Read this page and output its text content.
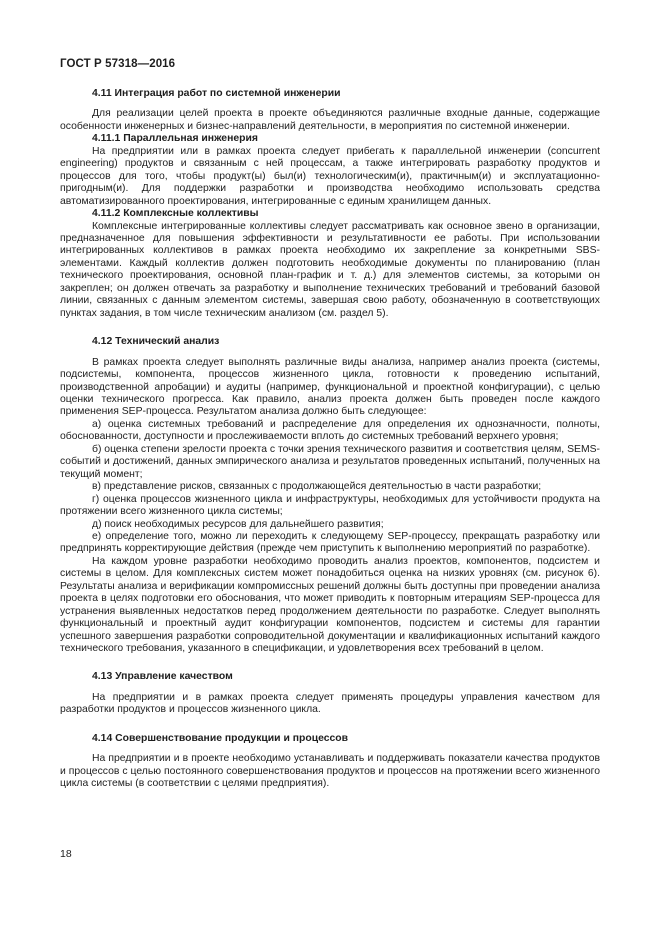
ГОСТ Р 57318—2016
4.11 Интеграция работ по системной инженерии
Для реализации целей проекта в проекте объединяются различные входные данные, содержащие особенности инженерных и бизнес-направлений деятельности, в мероприятия по системной инженерии.
4.11.1 Параллельная инженерия
На предприятии или в рамках проекта следует прибегать к параллельной инженерии (concurrent engineering) продуктов и связанным с ней процессам, а также интегрировать разработку продуктов и процессов для того, чтобы продукт(ы) был(и) технологическим(и), практичным(и) и эксплуатационно-пригодным(и). Для поддержки разработки и производства необходимо использовать средства автоматизированного проектирования, интегрированные с единым хранилищем данных.
4.11.2 Комплексные коллективы
Комплексные интегрированные коллективы следует рассматривать как основное звено в организации, предназначенное для повышения эффективности и результативности ее работы. При использовании интегрированных коллективов в рамках проекта необходимо их закрепление за конкретными SBS-элементами. Каждый коллектив должен подготовить необходимые документы по планированию (план технического проектирования, основной план-график и т. д.) для элементов системы, за которыми он закреплен; он должен отвечать за разработку и выполнение технических требований и требований базовой линии, связанных с данным элементом системы, завершая свою работу, обозначенную в соответствующих пунктах задания, в том числе техническим анализом (см. раздел 5).
4.12 Технический анализ
В рамках проекта следует выполнять различные виды анализа, например анализ проекта (системы, подсистемы, компонента, процессов жизненного цикла, готовности к проведению испытаний, производственной апробации) и аудиты (например, функциональной и проектной конфигурации), с целью оценки технического прогресса. Как правило, анализ проекта должен быть проведен после каждого применения SEP-процесса. Результатом анализа должно быть следующее:
а) оценка системных требований и распределение для определения их однозначности, полноты, обоснованности, доступности и прослеживаемости вплоть до системных требований верхнего уровня;
б) оценка степени зрелости проекта с точки зрения технического развития и соответствия целям, SEMS-событий и достижений, данных эмпирического анализа и результатов проведенных испытаний, полученных на текущий момент;
в) представление рисков, связанных с продолжающейся деятельностью в части разработки;
г) оценка процессов жизненного цикла и инфраструктуры, необходимых для устойчивости продукта на протяжении всего жизненного цикла системы;
д) поиск необходимых ресурсов для дальнейшего развития;
е) определение того, можно ли переходить к следующему SEP-процессу, прекращать разработку или предпринять корректирующие действия (прежде чем приступить к выполнению мероприятий по разработке).
На каждом уровне разработки необходимо проводить анализ проектов, компонентов, подсистем и системы в целом. Для комплексных систем может понадобиться оценка на низких уровнях (см. рисунок 6). Результаты анализа и верификации компромиссных решений должны быть доступны при проведении анализа проекта в целях подготовки его обоснования, что может приводить к повторным итерациям SEP-процесса для устранения выявленных недостатков перед продолжением деятельности по разработке. Следует выполнять функциональный и проектный аудит конфигурации компонентов, подсистем и системы для гарантии успешного завершения разработки сопроводительной документации и квалификационных испытаний каждого технического требования, указанного в спецификации, и удовлетворения всех требований в целом.
4.13 Управление качеством
На предприятии и в рамках проекта следует применять процедуры управления качеством для разработки продуктов и процессов жизненного цикла.
4.14 Совершенствование продукции и процессов
На предприятии и в проекте необходимо устанавливать и поддерживать показатели качества продуктов и процессов с целью постоянного совершенствования продуктов и процессов на протяжении всего жизненного цикла системы (в соответствии с целями предприятия).
18
